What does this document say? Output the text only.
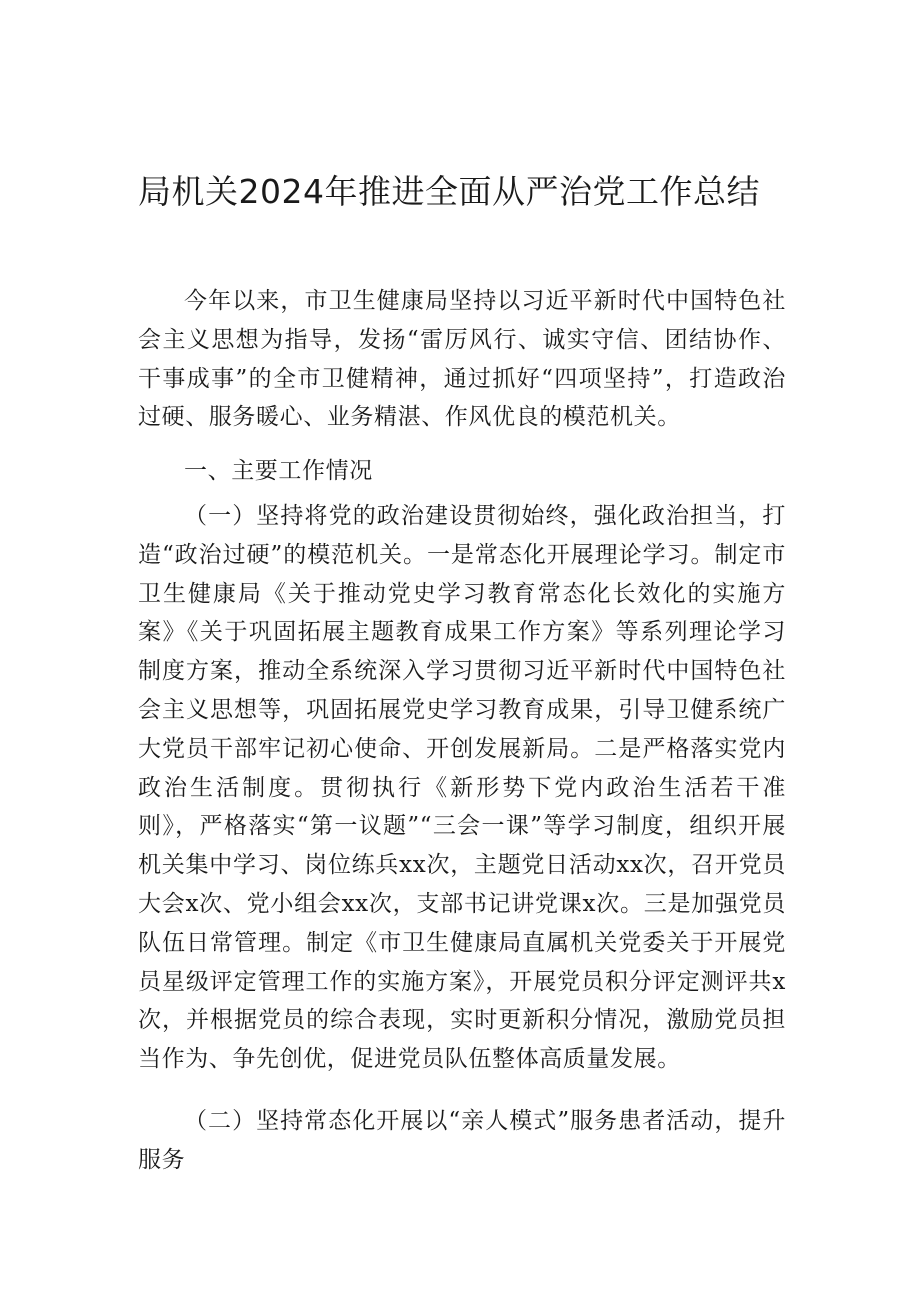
局机关2024年推进全面从严治党工作总结

今年以来，市卫生健康局坚持以习近平新时代中国特色社会主义思想为指导，发扬“雷厉风行、诚实守信、团结协作、干事成事”的全市卫健精神，通过抓好“四项坚持”，打造政治过硬、服务暖心、业务精湛、作风优良的模范机关。

一、主要工作情况

（一）坚持将党的政治建设贯彻始终，强化政治担当，打造“政治过硬”的模范机关。一是常态化开展理论学习。制定市卫生健康局《关于推动党史学习教育常态化长效化的实施方案》《关于巩固拓展主题教育成果工作方案》等系列理论学习制度方案，推动全系统深入学习贯彻习近平新时代中国特色社会主义思想等，巩固拓展党史学习教育成果，引导卫健系统广大党员干部牢记初心使命、开创发展新局。二是严格落实党内政治生活制度。贯彻执行《新形势下党内政治生活若干准则》，严格落实“第一议题”“三会一课”等学习制度，组织开展机关集中学习、岗位练兵xx次，主题党日活动xx次，召开党员大会x次、党小组会xx次，支部书记讲党课x次。三是加强党员队伍日常管理。制定《市卫生健康局直属机关党委关于开展党员星级评定管理工作的实施方案》，开展党员积分评定测评共x次，并根据党员的综合表现，实时更新积分情况，激励党员担当作为、争先创优，促进党员队伍整体高质量发展。

（二）坚持常态化开展以“亲人模式”服务患者活动，提升服务
